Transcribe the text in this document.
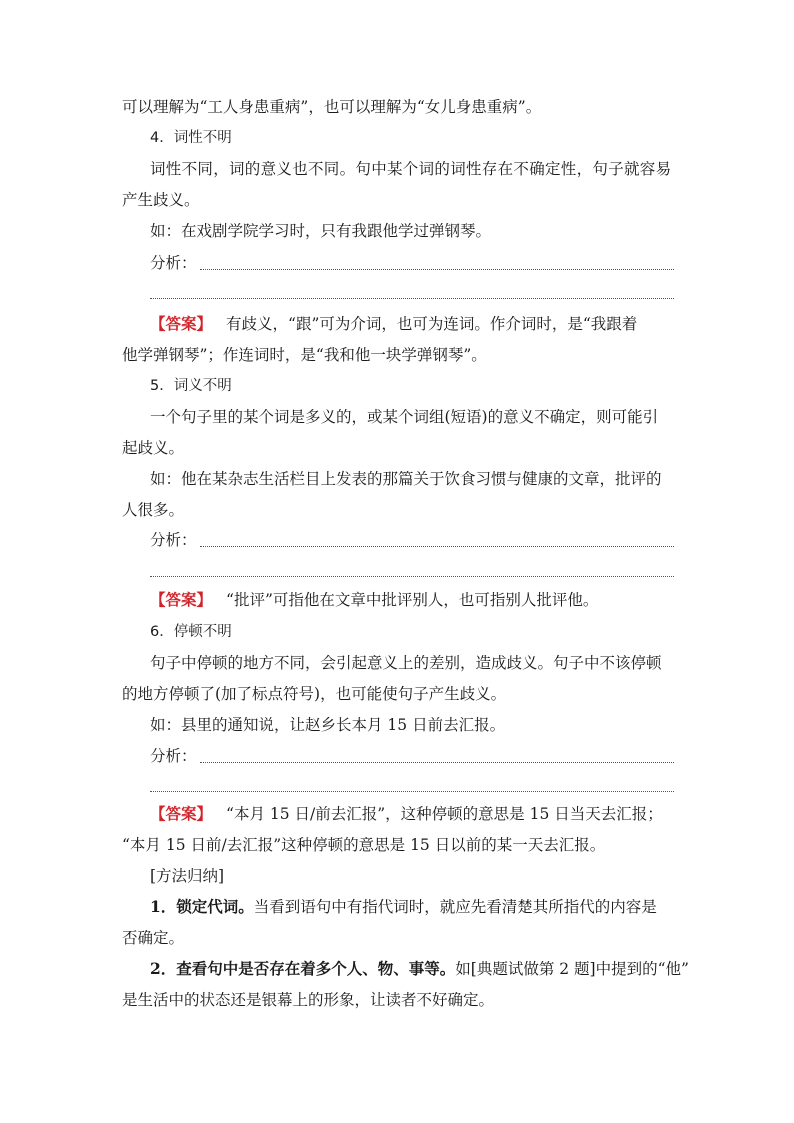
可以理解为“工人身患重病”，也可以理解为“女儿身患重病”。
4．词性不明
词性不同，词的意义也不同。句中某个词的词性存在不确定性，句子就容易
产生歧义。
如：在戏剧学院学习时，只有我跟他学过弹钢琴。
分析：
【答案】 有歧义，“跟”可为介词，也可为连词。作介词时，是“我跟着
他学弹钢琴”；作连词时，是“我和他一块学弹钢琴”。
5．词义不明
一个句子里的某个词是多义的，或某个词组(短语)的意义不确定，则可能引
起歧义。
如：他在某杂志生活栏目上发表的那篇关于饮食习惯与健康的文章，批评的
人很多。
分析：
【答案】 “批评”可指他在文章中批评别人，也可指别人批评他。
6．停顿不明
句子中停顿的地方不同，会引起意义上的差别，造成歧义。句子中不该停顿
的地方停顿了(加了标点符号)，也可能使句子产生歧义。
如：县里的通知说，让赵乡长本月 15 日前去汇报。
分析：
【答案】 “本月 15 日/前去汇报”，这种停顿的意思是 15 日当天去汇报；
“本月 15 日前/去汇报”这种停顿的意思是 15 日以前的某一天去汇报。
[方法归纳]
1．锁定代词。当看到语句中有指代词时，就应先看清楚其所指代的内容是
否确定。
2．查看句中是否存在着多个人、物、事等。如[典题试做第 2 题]中提到的“他”
是生活中的状态还是银幕上的形象，让读者不好确定。
